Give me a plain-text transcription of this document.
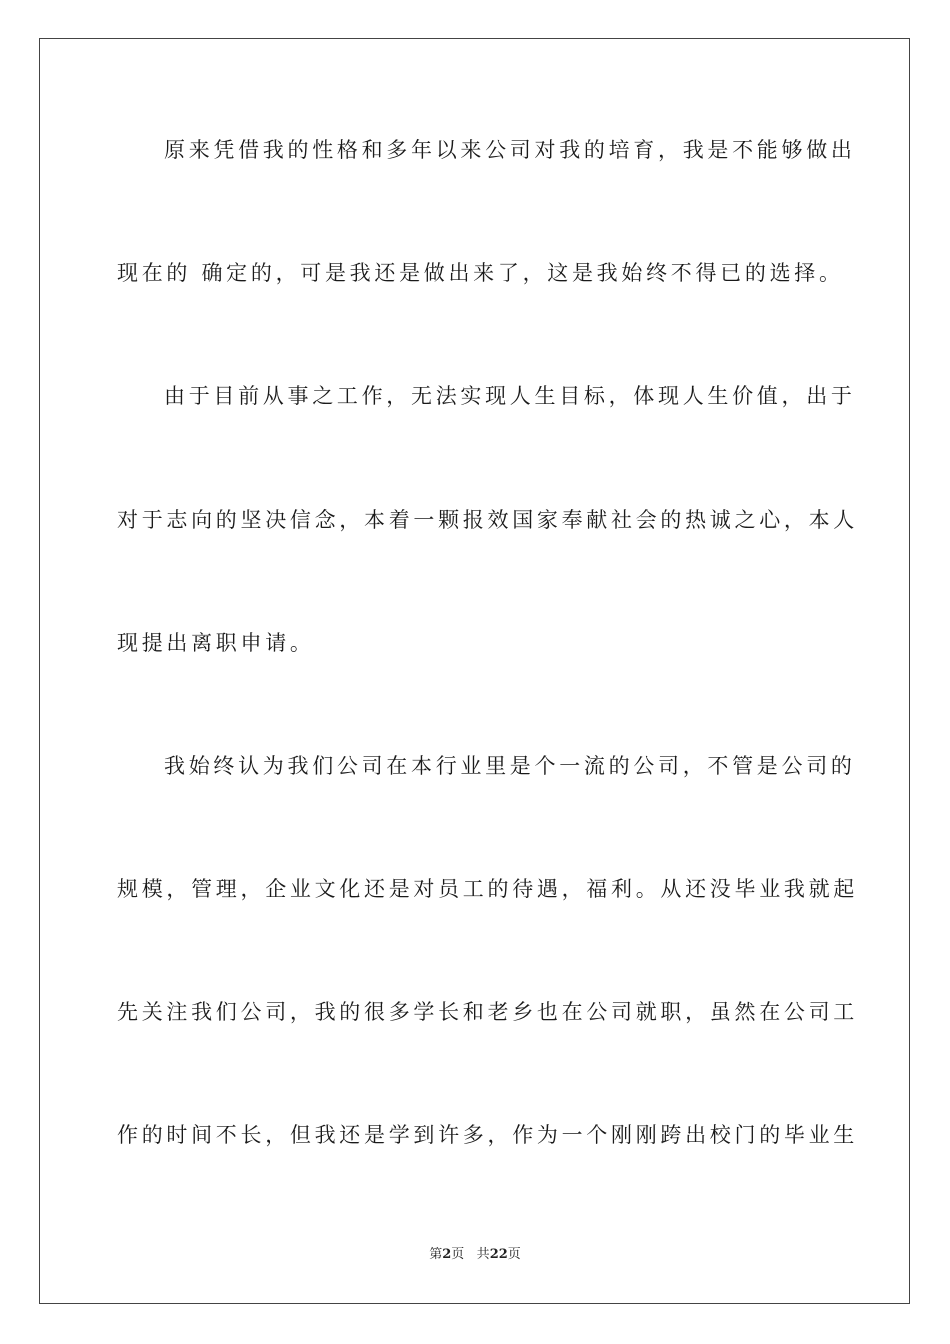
原来凭借我的性格和多年以来公司对我的培育，我是不能够做出
现在的 确定的，可是我还是做出来了，这是我始终不得已的选择。
由于目前从事之工作，无法实现人生目标，体现人生价值，出于
对于志向的坚决信念，本着一颗报效国家奉献社会的热诚之心，本人
现提出离职申请。
我始终认为我们公司在本行业里是个一流的公司，不管是公司的
规模，管理，企业文化还是对员工的待遇，福利。从还没毕业我就起
先关注我们公司，我的很多学长和老乡也在公司就职，虽然在公司工
作的时间不长，但我还是学到许多，作为一个刚刚跨出校门的毕业生
第2页 共22页
